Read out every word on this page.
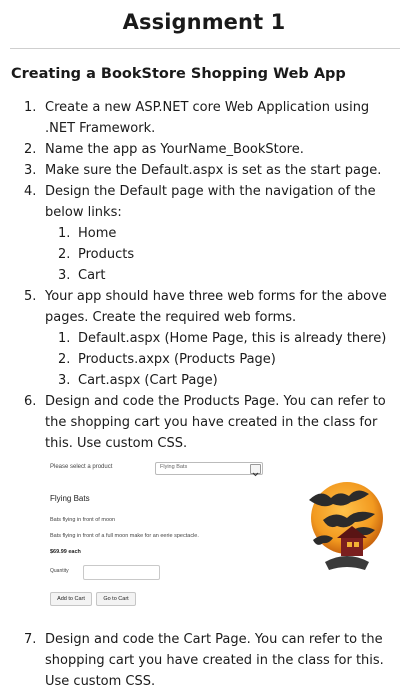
Assignment 1
Creating a BookStore Shopping Web App
1. Create a new ASP.NET core Web Application using
.NET Framework.
2. Name the app as YourName_BookStore.
3. Make sure the Default.aspx is set as the start page.
4. Design the Default page with the navigation of the
below links:
1. Home
2. Products
3. Cart
5. Your app should have three web forms for the above
pages. Create the required web forms.
1. Default.aspx (Home Page, this is already there)
2. Products.axpx (Products Page)
3. Cart.aspx (Cart Page)
6. Design and code the Products Page. You can refer to
the shopping cart you have created in the class for
this. Use custom CSS.
Please select a product	Flying Bats
Flying Bats
Bats flying in front of moon
Bats flying in front of a full moon make for an eerie spectacle.
$69.99 each
Quantity
Add to Cart	Go to Cart
7. Design and code the Cart Page. You can refer to the
shopping cart you have created in the class for this.
Use custom CSS.
